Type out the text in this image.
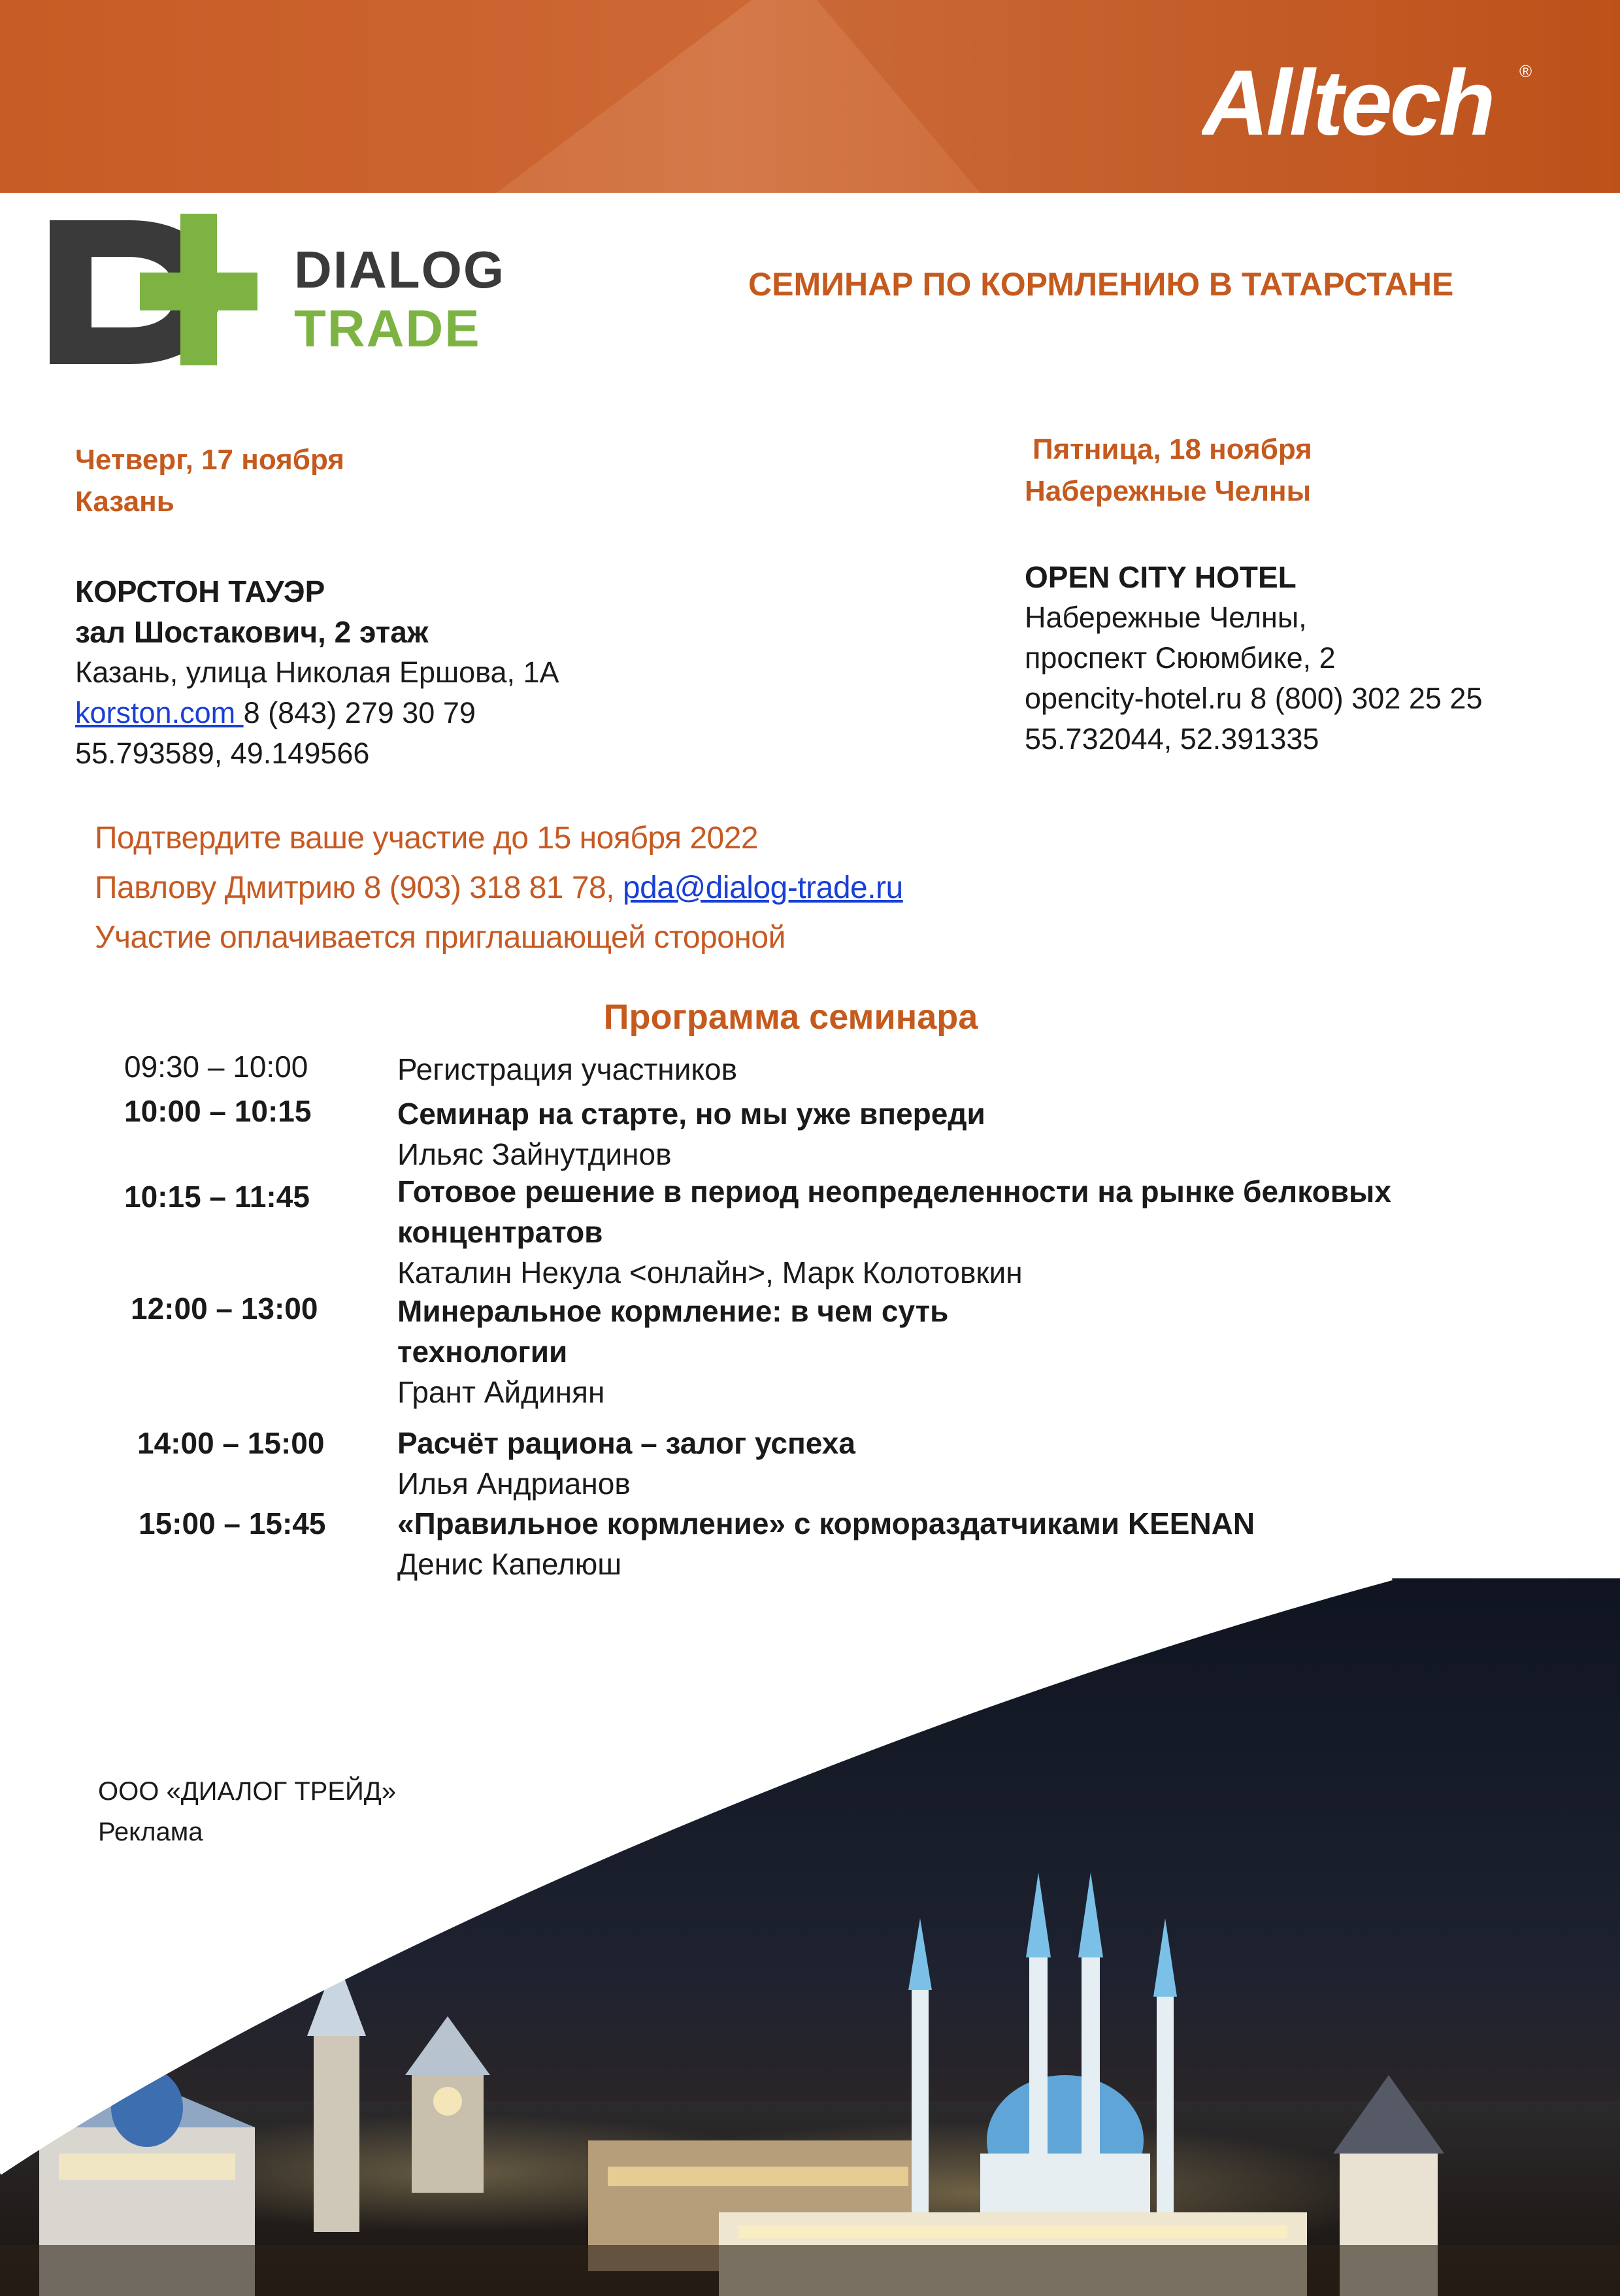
Alltech ®
DIALOG
TRADE
СЕМИНАР ПО КОРМЛЕНИЮ В ТАТАРСТАНЕ
Четверг, 17 ноября
Казань
Пятница, 18 ноября
Набережные Челны
КОРСТОН ТАУЭР
зал Шостакович, 2 этаж
Казань, улица Николая Ершова, 1А
korston.com 8 (843) 279 30 79
55.793589, 49.149566
OPEN CITY HOTEL
Набережные Челны,
проспект Сююмбике, 2
opencity-hotel.ru 8 (800) 302 25 25
55.732044, 52.391335
Подтвердите ваше участие до 15 ноября 2022
Павлову Дмитрию 8 (903) 318 81 78, pda@dialog-trade.ru
Участие оплачивается приглашающей стороной
Программа семинара
09:30 – 10:00	Регистрация участников
10:00 – 10:15	Семинар на старте, но мы уже впереди
Ильяс Зайнутдинов
10:15 – 11:45	Готовое решение в период неопределенности на рынке белковых
концентратов
Каталин Некула <онлайн>, Марк Колотовкин
12:00 – 13:00	Минеральное кормление: в чем суть
технологии
Грант Айдинян
14:00 – 15:00 Расчёт рациона – залог успеха
Илья Андрианов
15:00 – 15:45 «Правильное кормление» с кормораздатчиками KEENAN
Денис Капелюш
ООО «ДИАЛОГ ТРЕЙД»
Реклама
